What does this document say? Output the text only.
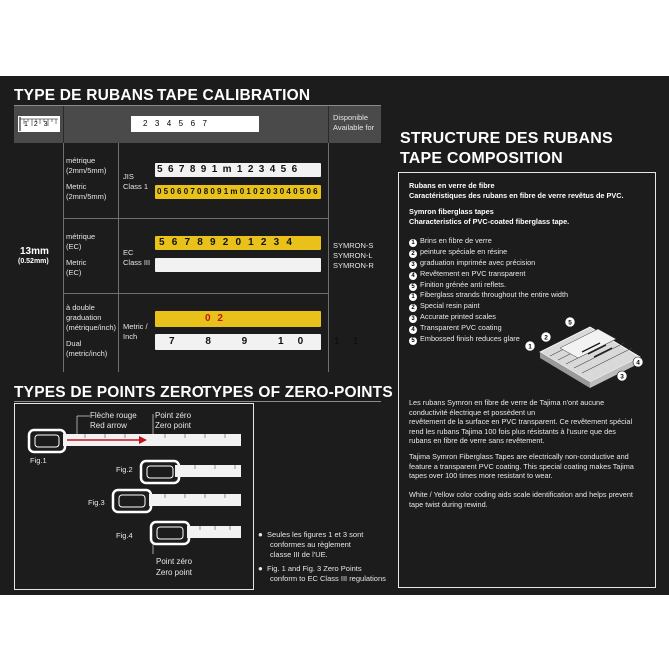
TYPE DE RUBANS TAPE CALIBRATION
1 2 3	2  3  4  5  6  7
Disponible
Available for
13mm
(0.52mm)
métrique
(2mm/5mm)
Metric
(2mm/5mm)
JIS
Class 1
5 6 7 8 9 1 m 1 2 3 4 5 6
0 5 0 6 0 7 0 8 0 9 1 m 0 1 0 2 0 3 0 4 0 5 0 6
métrique
(EC)
Metric
(EC)
EC
Class III
5 6 7 8 9 2 0 1 2 3 4	SYMRON-S
SYMRON-L
SYMRON-R
à double
graduation
(métrique/inch)
Dual
(metric/inch)
Metric /
Inch
0 2
7 8 9 10 11
TYPES DE POINTS ZERO
TYPES OF ZERO-POINTS
Flèche rouge
Red arrow
Point zéro
Zero point
Fig.1
Fig.2
Fig.3
Fig.4
Point zéro
Zero point
● Seules les figures 1 et 3 sont
conformes au règlement
classe III de l'UE.
● Fig. 1 and Fig. 3 Zero Points
conform to EC Class III regulations
STRUCTURE DES RUBANS
TAPE COMPOSITION
Rubans en verre de fibre
Caractéristiques des rubans en fibre de verre revêtus de PVC.
Symron fiberglass tapes
Characteristics of PVC-coated fiberglass tape.
1 Brins en fibre de verre
2 peinture spéciale en résine
3 graduation imprimée avec précision
4 Revêtement en PVC transparent
5 Finition grénée anti reflets.
1 Fiberglass strands throughout the entire width
2 Special resin paint
3 Accurate printed scales
4 Transparent PVC coating
5 Embossed finish reduces glare
1
2
3
4
5
Les rubans Symron en fibre de verre de Tajima n'ont aucune
conductivité électrique et possèdent un
revêtement de la surface en PVC transparent. Ce revêtement spécial
rend les rubans Tajima 100 fois plus résistants à l'usure que des
rubans en fibre de verre sans revêtement.
Tajima Symron Fiberglass Tapes are electrically non-conductive and
feature a transparent PVC coating. This special coating makes Tajima
tapes over 100 times more resistant to wear.
White / Yellow color coding aids scale identification and helps prevent
tape twist during rewind.
